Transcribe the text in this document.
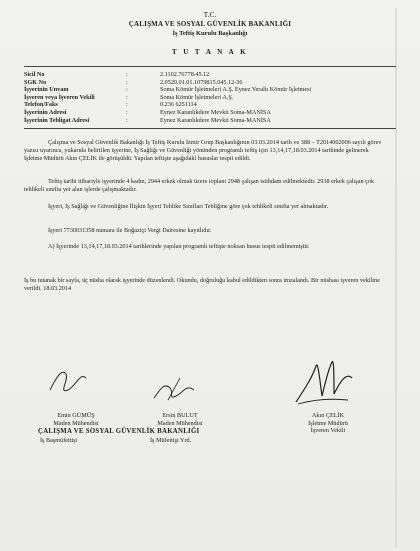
T.C.
ÇALIŞMA VE SOSYAL GÜVENLİK BAKANLIĞI
İş Teftiş Kurulu Başkanlığı
T U T A N A K
Sicil No	:	2.1102.76778.45.12
SGK No	:	2.0520.01.01.1079815.045.12-36
İşyerinin Unvanı	:	Soma Kömür İşletmeleri A.Ş. Eynez Yeraltı Kömür İşletmesi
İşveren veya İşveren Vekili	:	Soma Kömür İşletmeleri A.Ş.
Telefon/Faks	:	0.236 6251114
İşyerinin Adresi	:	Eynez Karanlıkdere Mevkii Soma-MANİSA
İşyerinin Tebligat Adresi	:	Eynez Karanlıkdere Mevkii Soma-MANİSA
Çalışma ve Sosyal Güvenlik Bakanlığı İş Teftiş Kurulu İzmir Grup Başkanlığının 03.03.2014 tarih ve 388 – T2014002006 sayılı görev yazısı uyarınca, yukarıda belirtilen işyerine, İş Sağlığı ve Güvenliği yönünden programlı teftiş için 13,14,17,18.03.2014 tarihinde gelinerek İşletme Müdürü Akın ÇELİK ile görüşüldü. Yapılan teftişte aşağıdaki hususlar tespit edildi.
Teftiş tarihi itibariyle işyerinde 4 kadın, 2944 erkek olmak üzere toplam 2948 çalışan istihdam edilmektedir. 2938 erkek çalışan çok tehlikeli sınıfta yer alan işlerde çalışmaktadır.
İşyeri, İş Sağlığı ve Güvenliğine İlişkin İşyeri Tehlike Sınıfları Tebliğine göre çok tehlikeli sınıfta yer almaktadır.
İşyeri 7730031358 numara ile Boğaziçi Vergi Dairesine kayıtlıdır.
A) İşyerinde 13,14,17,18.03.2014 tarihlerinde yapılan programlı teftişte noksan husus tespit edilmemiştir.
İş bu tutanak bir sayfa, üç nüsha olarak işyerinde düzenlendi. Okundu, doğruluğu kabul edildikten sonra imzalandı. Bir nüshası işveren vekiline verildi. 18.03.2014
Emin GÜMÜŞ
Maden Mühendisi
Ersin BULUT
Maden Mühendisi
Akın ÇELİK
İşletme Müdürü
İşveren Vekili
ÇALIŞMA VE SOSYAL GÜVENLİK BAKANLIĞI
İş Başmüfettişi	İş Müfettişi Yrd.
